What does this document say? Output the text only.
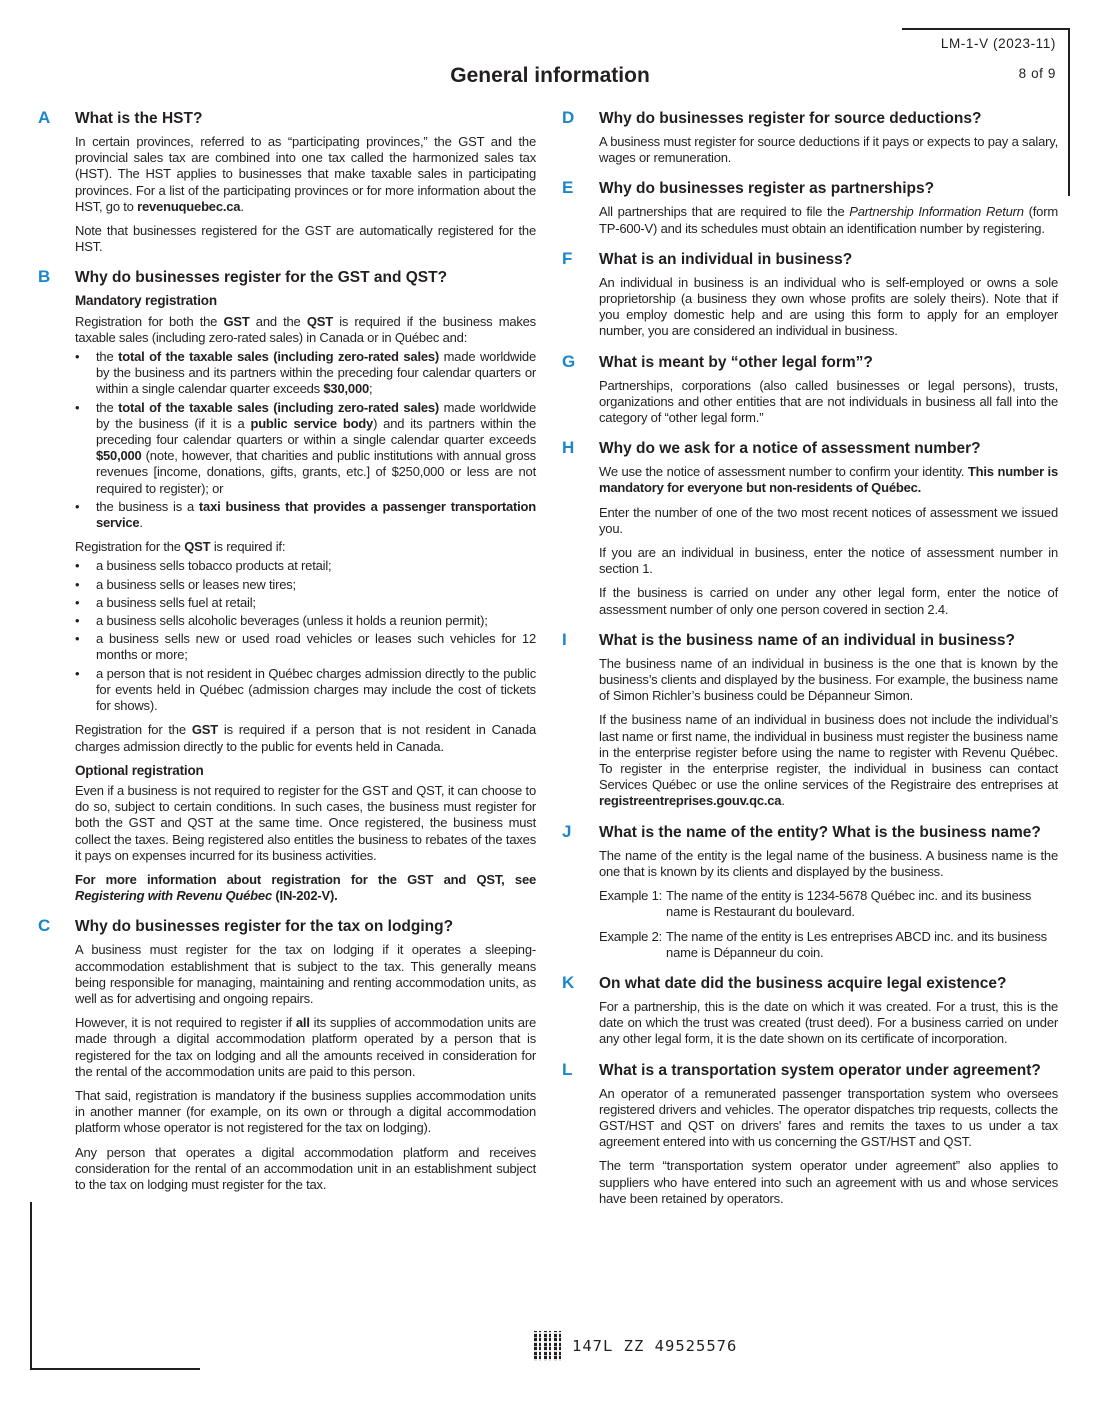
LM-1-V (2023-11)
8 of 9
General information
A	What is the HST?

In certain provinces, referred to as “participating provinces,” the GST and the provincial sales tax are combined into one tax called the harmonized sales tax (HST). The HST applies to businesses that make taxable sales in participating provinces. For a list of the participating provinces or for more information about the HST, go to revenuquebec.ca.

Note that businesses registered for the GST are automatically registered for the HST.

B	Why do businesses register for the GST and QST?
Mandatory registration

Registration for both the GST and the QST is required if the business makes taxable sales (including zero-rated sales) in Canada or in Québec and:

•	the total of the taxable sales (including zero-rated sales) made worldwide by the business and its partners within the preceding four calendar quarters or within a single calendar quarter exceeds $30,000;
•	the total of the taxable sales (including zero-rated sales) made worldwide by the business (if it is a public service body) and its partners within the preceding four calendar quarters or within a single calendar quarter exceeds $50,000 (note, however, that charities and public institutions with annual gross revenues [income, donations, gifts, grants, etc.] of $250,000 or less are not required to register); or
•	the business is a taxi business that provides a passenger transportation service.

Registration for the QST is required if:

•	a business sells tobacco products at retail;
•	a business sells or leases new tires;
•	a business sells fuel at retail;
•	a business sells alcoholic beverages (unless it holds a reunion permit);
•	a business sells new or used road vehicles or leases such vehicles for 12 months or more;
•	a person that is not resident in Québec charges admission directly to the public for events held in Québec (admission charges may include the cost of tickets for shows).

Registration for the GST is required if a person that is not resident in Canada charges admission directly to the public for events held in Canada.

Optional registration

Even if a business is not required to register for the GST and QST, it can choose to do so, subject to certain conditions. In such cases, the business must register for both the GST and QST at the same time. Once registered, the business must collect the taxes. Being registered also entitles the business to rebates of the taxes it pays on expenses incurred for its business activities.

For more information about registration for the GST and QST, see Registering with Revenu Québec (IN-202-V).

C	Why do businesses register for the tax on lodging?

A business must register for the tax on lodging if it operates a sleeping-accommodation establishment that is subject to the tax. This generally means being responsible for managing, maintaining and renting accommodation units, as well as for advertising and ongoing repairs.

However, it is not required to register if all its supplies of accommodation units are made through a digital accommodation platform operated by a person that is registered for the tax on lodging and all the amounts received in consideration for the rental of the accommodation units are paid to this person.

That said, registration is mandatory if the business supplies accommodation units in another manner (for example, on its own or through a digital accommodation platform whose operator is not registered for the tax on lodging).

Any person that operates a digital accommodation platform and receives consideration for the rental of an accommodation unit in an establishment subject to the tax on lodging must register for the tax.

D	Why do businesses register for source deductions?

A business must register for source deductions if it pays or expects to pay a salary, wages or remuneration.

E	Why do businesses register as partnerships?

All partnerships that are required to file the Partnership Information Return (form TP-600-V) and its schedules must obtain an identification number by registering.

F	What is an individual in business?

An individual in business is an individual who is self-employed or owns a sole proprietorship (a business they own whose profits are solely theirs). Note that if you employ domestic help and are using this form to apply for an employer number, you are considered an individual in business.

G	What is meant by “other legal form”?

Partnerships, corporations (also called businesses or legal persons), trusts, organizations and other entities that are not individuals in business all fall into the category of “other legal form.”

H	Why do we ask for a notice of assessment number?

We use the notice of assessment number to confirm your identity. This number is mandatory for everyone but non-residents of Québec.

Enter the number of one of the two most recent notices of assessment we issued you.

If you are an individual in business, enter the notice of assessment number in section 1.

If the business is carried on under any other legal form, enter the notice of assessment number of only one person covered in section 2.4.

I	What is the business name of an individual in business?

The business name of an individual in business is the one that is known by the business’s clients and displayed by the business. For example, the business name of Simon Richler’s business could be Dépanneur Simon.

If the business name of an individual in business does not include the individual’s last name or first name, the individual in business must register the business name in the enterprise register before using the name to register with Revenu Québec. To register in the enterprise register, the individual in business can contact Services Québec or use the online services of the Registraire des entreprises at registreentreprises.gouv.qc.ca.

J	What is the name of the entity? What is the business name?

The name of the entity is the legal name of the business. A business name is the one that is known by its clients and displayed by the business.

Example 1: The name of the entity is 1234-5678 Québec inc. and its business name is Restaurant du boulevard.
Example 2: The name of the entity is Les entreprises ABCD inc. and its business name is Dépanneur du coin.
K	On what date did the business acquire legal existence?

For a partnership, this is the date on which it was created. For a trust, this is the date on which the trust was created (trust deed). For a business carried on under any other legal form, it is the date shown on its certificate of incorporation.

L	What is a transportation system operator under agreement?

An operator of a remunerated passenger transportation system who oversees registered drivers and vehicles. The operator dispatches trip requests, collects the GST/HST and QST on drivers' fares and remits the taxes to us under a tax agreement entered into with us concerning the GST/HST and QST.

The term “transportation system operator under agreement” also applies to suppliers who have entered into such an agreement with us and whose services have been retained by operators.

147L ZZ 49525576
